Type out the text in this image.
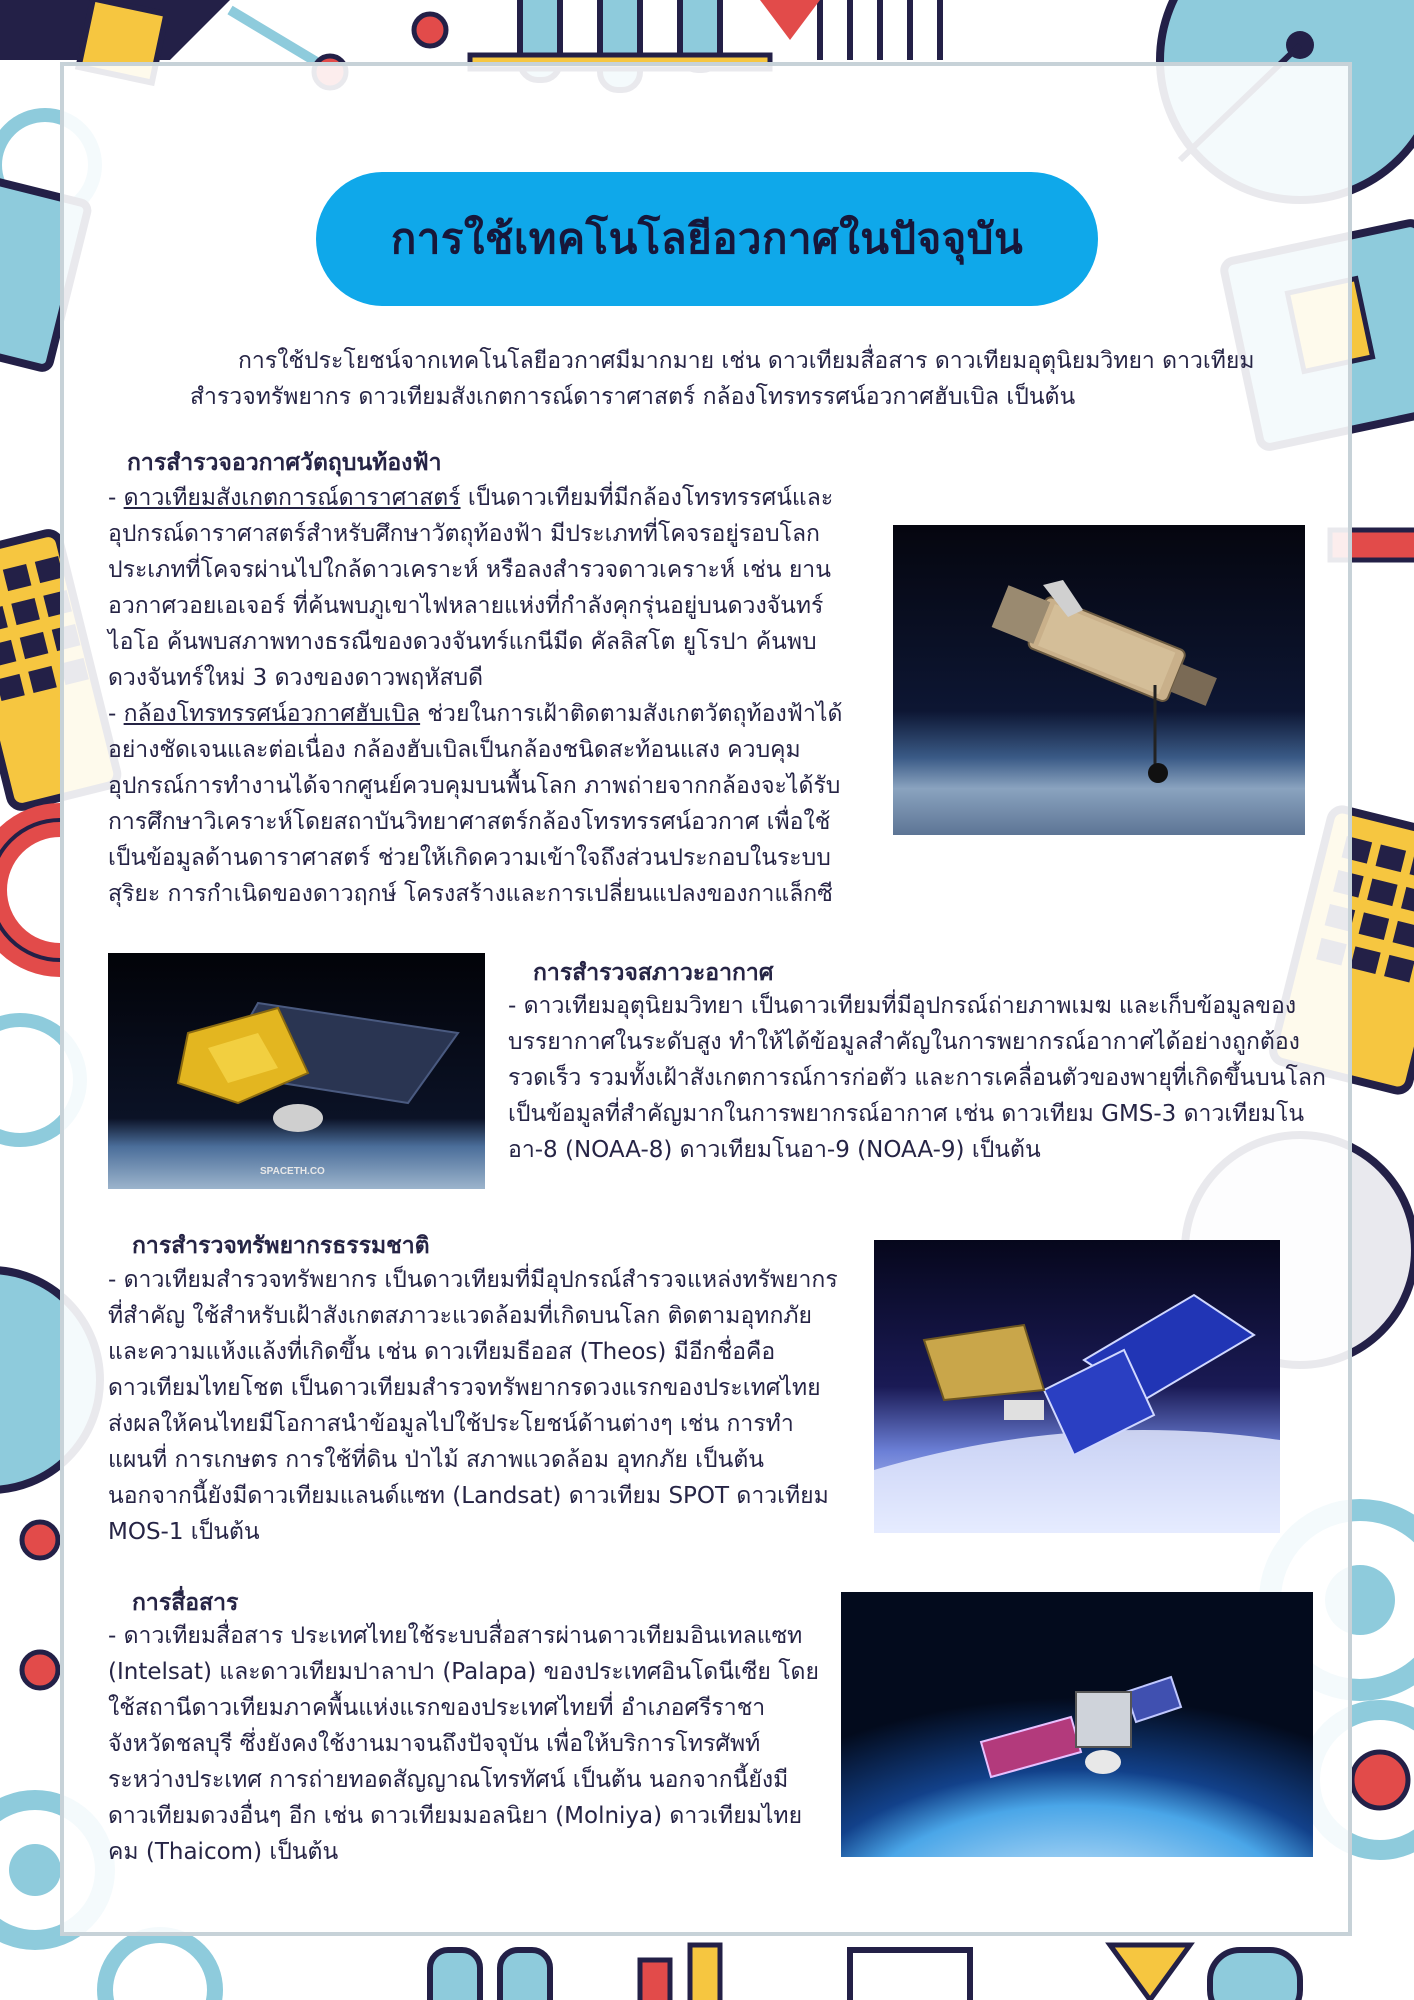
การใช้เทคโนโลยีอวกาศในปัจจุบัน

การใช้ประโยชน์จากเทคโนโลยีอวกาศมีมากมาย เช่น ดาวเทียมสื่อสาร ดาวเทียมอุตุนิยมวิทยา ดาวเทียมสำรวจทรัพยากร ดาวเทียมสังเกตการณ์ดาราศาสตร์ กล้องโทรทรรศน์อวกาศฮับเบิล เป็นต้น

การสำรวจอวกาศวัตถุบนท้องฟ้า

- ดาวเทียมสังเกตการณ์ดาราศาสตร์ เป็นดาวเทียมที่มีกล้องโทรทรรศน์และอุปกรณ์ดาราศาสตร์สำหรับศึกษาวัตถุท้องฟ้า มีประเภทที่โคจรอยู่รอบโลก ประเภทที่โคจรผ่านไปใกล้ดาวเคราะห์ หรือลงสำรวจดาวเคราะห์ เช่น ยานอวกาศวอยเอเจอร์ ที่ค้นพบภูเขาไฟหลายแห่งที่กำลังคุกรุ่นอยู่บนดวงจันทร์ไอโอ ค้นพบสภาพทางธรณีของดวงจันทร์แกนีมีด คัลลิสโต ยูโรปา ค้นพบดวงจันทร์ใหม่ 3 ดวงของดาวพฤหัสบดี
- กล้องโทรทรรศน์อวกาศฮับเบิล ช่วยในการเฝ้าติดตามสังเกตวัตถุท้องฟ้าได้อย่างชัดเจนและต่อเนื่อง กล้องฮับเบิลเป็นกล้องชนิดสะท้อนแสง ควบคุมอุปกรณ์การทำงานได้จากศูนย์ควบคุมบนพื้นโลก ภาพถ่ายจากกล้องจะได้รับการศึกษาวิเคราะห์โดยสถาบันวิทยาศาสตร์กล้องโทรทรรศน์อวกาศ เพื่อใช้เป็นข้อมูลด้านดาราศาสตร์ ช่วยให้เกิดความเข้าใจถึงส่วนประกอบในระบบสุริยะ การกำเนิดของดาวฤกษ์ โครงสร้างและการเปลี่ยนแปลงของกาแล็กซี

SPACETH.CO
การสำรวจสภาวะอากาศ

- ดาวเทียมอุตุนิยมวิทยา เป็นดาวเทียมที่มีอุปกรณ์ถ่ายภาพเมฆ และเก็บข้อมูลของบรรยากาศในระดับสูง ทำให้ได้ข้อมูลสำคัญในการพยากรณ์อากาศได้อย่างถูกต้อง รวดเร็ว รวมทั้งเฝ้าสังเกตการณ์การก่อตัว และการเคลื่อนตัวของพายุที่เกิดขึ้นบนโลก เป็นข้อมูลที่สำคัญมากในการพยากรณ์อากาศ เช่น ดาวเทียม GMS-3 ดาวเทียมโนอา-8 (NOAA-8) ดาวเทียมโนอา-9 (NOAA-9) เป็นต้น

การสำรวจทรัพยากรธรรมชาติ

- ดาวเทียมสำรวจทรัพยากร เป็นดาวเทียมที่มีอุปกรณ์สำรวจแหล่งทรัพยากรที่สำคัญ ใช้สำหรับเฝ้าสังเกตสภาวะแวดล้อมที่เกิดบนโลก ติดตามอุทกภัยและความแห้งแล้งที่เกิดขึ้น เช่น ดาวเทียมธีออส (Theos) มีอีกชื่อคือ ดาวเทียมไทยโชต เป็นดาวเทียมสำรวจทรัพยากรดวงแรกของประเทศไทย ส่งผลให้คนไทยมีโอกาสนำข้อมูลไปใช้ประโยชน์ด้านต่างๆ เช่น การทำแผนที่ การเกษตร การใช้ที่ดิน ป่าไม้ สภาพแวดล้อม อุทกภัย เป็นต้น นอกจากนี้ยังมีดาวเทียมแลนด์แซท (Landsat) ดาวเทียม SPOT ดาวเทียม MOS-1 เป็นต้น

การสื่อสาร

- ดาวเทียมสื่อสาร ประเทศไทยใช้ระบบสื่อสารผ่านดาวเทียมอินเทลแซท (Intelsat) และดาวเทียมปาลาปา (Palapa) ของประเทศอินโดนีเซีย โดยใช้สถานีดาวเทียมภาคพื้นแห่งแรกของประเทศไทยที่ อำเภอศรีราชา จังหวัดชลบุรี ซึ่งยังคงใช้งานมาจนถึงปัจจุบัน เพื่อให้บริการโทรศัพท์ระหว่างประเทศ การถ่ายทอดสัญญาณโทรทัศน์ เป็นต้น นอกจากนี้ยังมีดาวเทียมดวงอื่นๆ อีก เช่น ดาวเทียมมอลนิยา (Molniya) ดาวเทียมไทยคม (Thaicom) เป็นต้น
